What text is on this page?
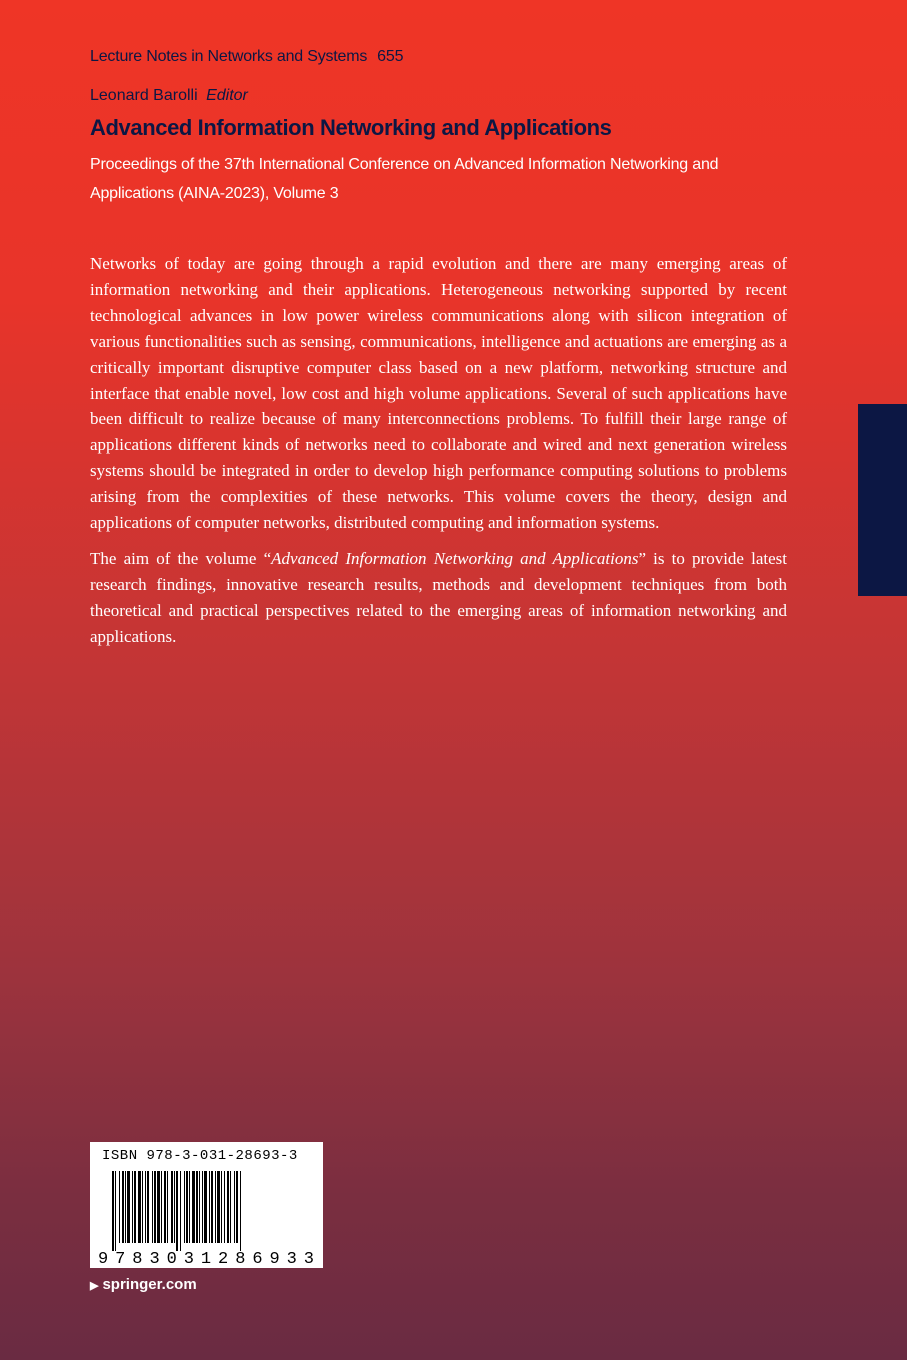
Lecture Notes in Networks and Systems 655
Leonard Barolli Editor
Advanced Information Networking and Applications
Proceedings of the 37th International Conference on Advanced Information Networking and Applications (AINA-2023), Volume 3

Networks of today are going through a rapid evolution and there are many emerging areas of information networking and their applications. Heterogeneous networking supported by recent technological advances in low power wireless communications along with silicon integration of various functionalities such as sensing, communications, intelligence and actuations are emerging as a critically important disruptive computer class based on a new platform, networking structure and interface that enable novel, low cost and high volume applications. Several of such applications have been difficult to realize because of many interconnections problems. To fulfill their large range of applications different kinds of networks need to collaborate and wired and next generation wireless systems should be integrated in order to develop high performance computing solutions to problems arising from the complexities of these networks. This volume covers the theory, design and applications of computer networks, distributed computing and information systems.

The aim of the volume “Advanced Information Networking and Applications” is to provide latest research findings, innovative research results, methods and development techniques from both theoretical and practical perspectives related to the emerging areas of information networking and applications.

9783031286933
ISBN 978-3-031-28693-3
▶ springer.com
